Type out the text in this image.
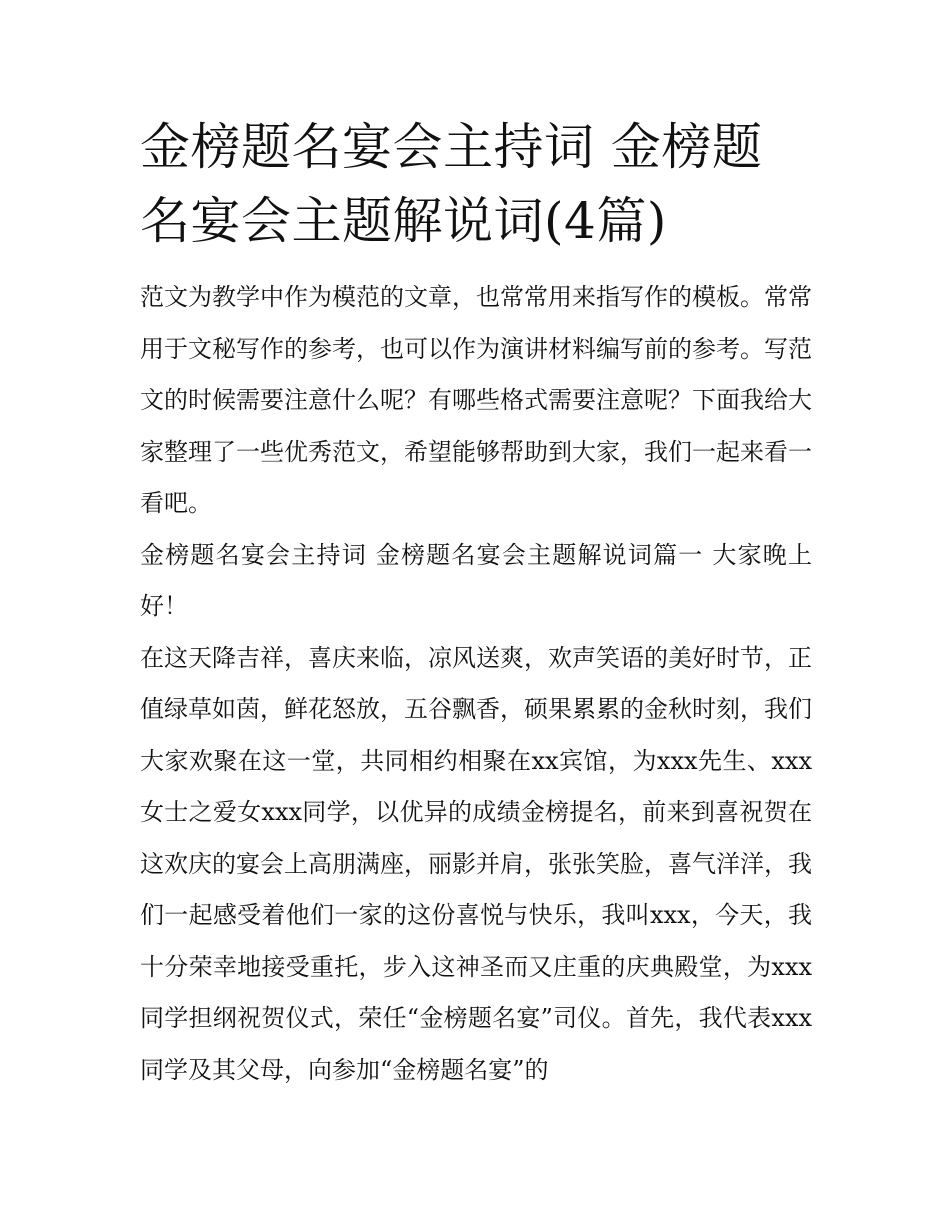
金榜题名宴会主持词 金榜题名宴会主题解说词(4篇)

范文为教学中作为模范的文章，也常常用来指写作的模板。常常用于文秘写作的参考，也可以作为演讲材料编写前的参考。写范文的时候需要注意什么呢？有哪些格式需要注意呢？下面我给大家整理了一些优秀范文，希望能够帮助到大家，我们一起来看一看吧。

金榜题名宴会主持词 金榜题名宴会主题解说词篇一 大家晚上好！

在这天降吉祥，喜庆来临，凉风送爽，欢声笑语的美好时节，正值绿草如茵，鲜花怒放，五谷飘香，硕果累累的金秋时刻，我们大家欢聚在这一堂，共同相约相聚在xx宾馆，为xxx先生、xxx女士之爱女xxx同学，以优异的成绩金榜提名，前来到喜祝贺在这欢庆的宴会上高朋满座，丽影并肩，张张笑脸，喜气洋洋，我们一起感受着他们一家的这份喜悦与快乐，我叫xxx，今天，我十分荣幸地接受重托，步入这神圣而又庄重的庆典殿堂，为xxx同学担纲祝贺仪式，荣任“金榜题名宴”司仪。首先，我代表xxx同学及其父母，向参加“金榜题名宴”的
